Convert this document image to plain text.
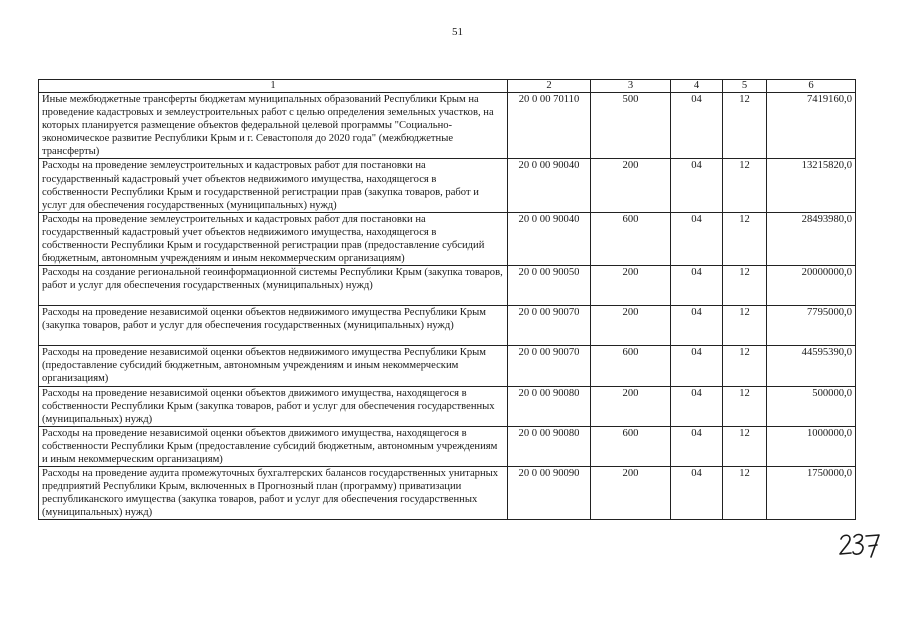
51
1	2	3	4	5	6
Иные межбюджетные трансферты бюджетам муниципальных образований Республики Крым на проведение кадастровых и землеустроительных работ с целью определения земельных участков, на которых планируется размещение объектов федеральной целевой программы "Социально-экономическое развитие Республики Крым и г. Севастополя до 2020 года" (межбюджетные трансферты)	20 0 00 70110	500	04	12	7419160,0
Расходы на проведение землеустроительных и кадастровых работ для постановки на государственный кадастровый учет объектов недвижимого имущества, находящегося в собственности Республики Крым и государственной регистрации прав (закупка товаров, работ и услуг для обеспечения государственных (муниципальных) нужд)	20 0 00 90040	200	04	12	13215820,0
Расходы на проведение землеустроительных и кадастровых работ для постановки на государственный кадастровый учет объектов недвижимого имущества, находящегося в собственности Республики Крым и государственной регистрации прав (предоставление субсидий бюджетным, автономным учреждениям и иным некоммерческим организациям)	20 0 00 90040	600	04	12	28493980,0
Расходы на создание региональной геоинформационной системы Республики Крым (закупка товаров, работ и услуг для обеспечения государственных (муниципальных) нужд)	20 0 00 90050	200	04	12	20000000,0
Расходы на проведение независимой оценки объектов недвижимого имущества Республики Крым (закупка товаров, работ и услуг для обеспечения государственных (муниципальных) нужд)	20 0 00 90070	200	04	12	7795000,0
Расходы на проведение независимой оценки объектов недвижимого имущества Республики Крым (предоставление субсидий бюджетным, автономным учреждениям и иным некоммерческим организациям)	20 0 00 90070	600	04	12	44595390,0
Расходы на проведение независимой оценки объектов движимого имущества, находящегося в собственности Республики Крым (закупка товаров, работ и услуг для обеспечения государственных (муниципальных) нужд)	20 0 00 90080	200	04	12	500000,0
Расходы на проведение независимой оценки объектов движимого имущества, находящегося в собственности Республики Крым (предоставление субсидий бюджетным, автономным учреждениям и иным некоммерческим организациям)	20 0 00 90080	600	04	12	1000000,0
Расходы на проведение аудита промежуточных бухгалтерских балансов государственных унитарных предприятий Республики Крым, включенных в Прогнозный план (программу) приватизации республиканского имущества (закупка товаров, работ и услуг для обеспечения государственных (муниципальных) нужд)	20 0 00 90090	200	04	12	1750000,0
